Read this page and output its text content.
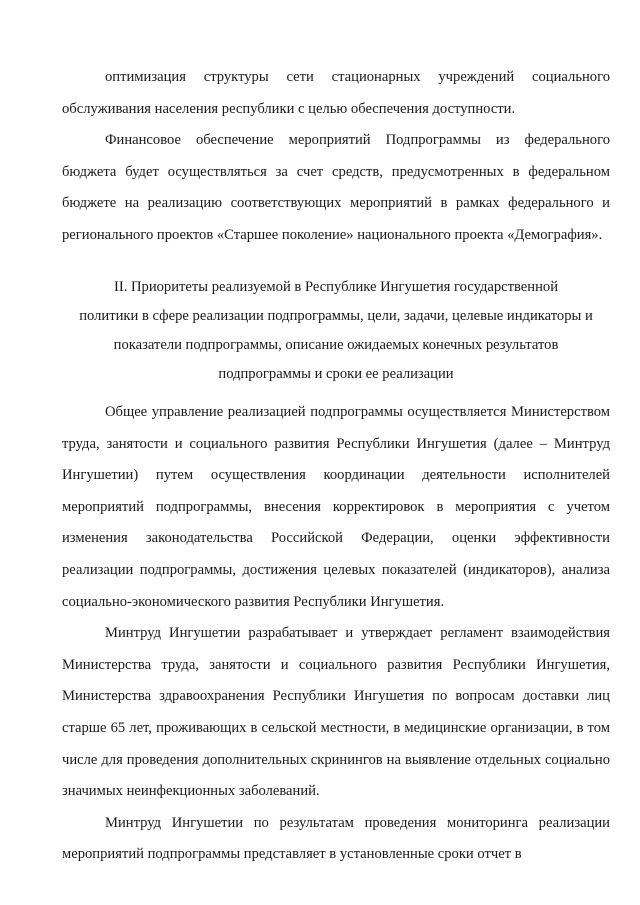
оптимизация структуры сети стационарных учреждений социального обслуживания населения республики с целью обеспечения доступности.

Финансовое обеспечение мероприятий Подпрограммы из федерального бюджета будет осуществляться за счет средств, предусмотренных в федеральном бюджете на реализацию соответствующих мероприятий в рамках федерального и регионального проектов «Старшее поколение» национального проекта «Демография».

II. Приоритеты реализуемой в Республике Ингушетия государственной
политики в сфере реализации подпрограммы, цели, задачи, целевые индикаторы и
показатели подпрограммы, описание ожидаемых конечных результатов
подпрограммы и сроки ее реализации

Общее управление реализацией подпрограммы осуществляется Министерством труда, занятости и социального развития Республики Ингушетия (далее – Минтруд Ингушетии) путем осуществления координации деятельности исполнителей мероприятий подпрограммы, внесения корректировок в мероприятия с учетом изменения законодательства Российской Федерации, оценки эффективности реализации подпрограммы, достижения целевых показателей (индикаторов), анализа социально-экономического развития Республики Ингушетия.

Минтруд Ингушетии разрабатывает и утверждает регламент взаимодействия Министерства труда, занятости и социального развития Республики Ингушетия, Министерства здравоохранения Республики Ингушетия по вопросам доставки лиц старше 65 лет, проживающих в сельской местности, в медицинские организации, в том числе для проведения дополнительных скринингов на выявление отдельных социально значимых неинфекционных заболеваний.

Минтруд Ингушетии по результатам проведения мониторинга реализации мероприятий подпрограммы представляет в установленные сроки отчет в
